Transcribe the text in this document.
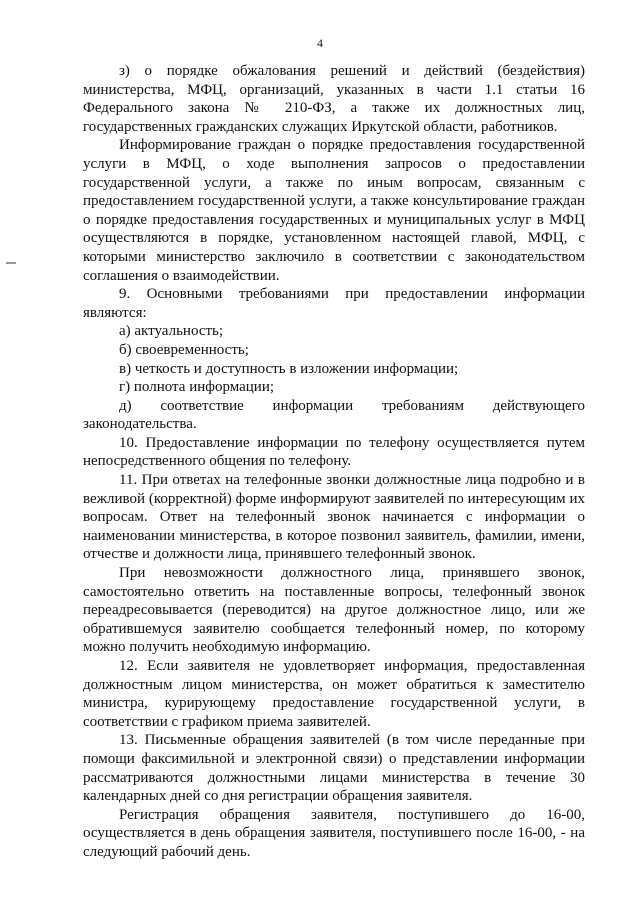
4

з) о порядке обжалования решений и действий (бездействия) министерства, МФЦ, организаций, указанных в части 1.1 статьи 16 Федерального закона № 210-ФЗ, а также их должностных лиц, государственных гражданских служащих Иркутской области, работников.

Информирование граждан о порядке предоставления государственной услуги в МФЦ, о ходе выполнения запросов о предоставлении государственной услуги, а также по иным вопросам, связанным с предоставлением государственной услуги, а также консультирование граждан о порядке предоставления государственных и муниципальных услуг в МФЦ осуществляются в порядке, установленном настоящей главой, МФЦ, с которыми министерство заключило в соответствии с законодательством соглашения о взаимодействии.

9. Основными требованиями при предоставлении информации являются:

а) актуальность;

б) своевременность;

в) четкость и доступность в изложении информации;

г) полнота информации;

д) соответствие информации требованиям действующего законодательства.

10. Предоставление информации по телефону осуществляется путем непосредственного общения по телефону.

11. При ответах на телефонные звонки должностные лица подробно и в вежливой (корректной) форме информируют заявителей по интересующим их вопросам. Ответ на телефонный звонок начинается с информации о наименовании министерства, в которое позвонил заявитель, фамилии, имени, отчестве и должности лица, принявшего телефонный звонок.

При невозможности должностного лица, принявшего звонок, самостоятельно ответить на поставленные вопросы, телефонный звонок переадресовывается (переводится) на другое должностное лицо, или же обратившемуся заявителю сообщается телефонный номер, по которому можно получить необходимую информацию.

12. Если заявителя не удовлетворяет информация, предоставленная должностным лицом министерства, он может обратиться к заместителю министра, курирующему предоставление государственной услуги, в соответствии с графиком приема заявителей.

13. Письменные обращения заявителей (в том числе переданные при помощи факсимильной и электронной связи) о представлении информации рассматриваются должностными лицами министерства в течение 30 календарных дней со дня регистрации обращения заявителя.

Регистрация обращения заявителя, поступившего до 16-00, осуществляется в день обращения заявителя, поступившего после 16-00, - на следующий рабочий день.
